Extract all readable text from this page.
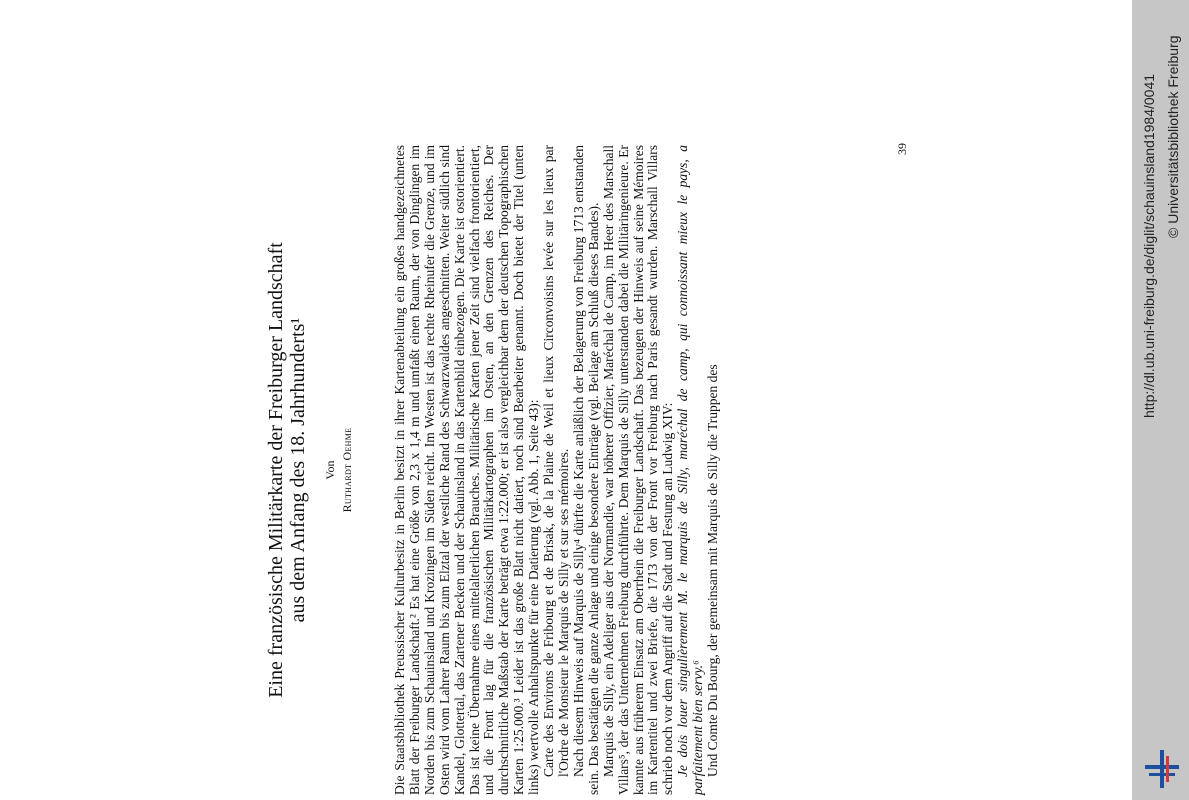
Eine französische Militärkarte der Freiburger Landschaft aus dem Anfang des 18. Jahrhunderts¹ Von Ruthardt Oehme	Die Staatsbibliothek Preussischer Kulturbesitz in Berlin besitzt in ihrer Kartenabteilung ein großes handgezeichnetes Blatt der Freiburger Landschaft.² Es hat eine Größe von 2,3 x 1,4 m und umfaßt einen Raum, der von Dinglingen im Norden bis zum Schauinsland und Krozingen im Süden reicht. Im Westen ist das rechte Rheinufer die Grenze, und im Osten wird vom Lahrer Raum bis zum Elztal der westliche Rand des Schwarzwaldes angeschnitten. Weiter südlich sind Kandel, Glottertal, das Zartener Becken und der Schauinsland in das Kartenbild einbezogen. Die Karte ist ostorientiert. Das ist keine Übernahme eines mittelalterlichen Brauches. Militärische Karten jener Zeit sind vielfach frontorientiert, und die Front lag für die französischen Militärkartographen im Osten, an den Grenzen des Reiches. Der durchschnittliche Maßstab der Karte beträgt etwa 1:22.000; er ist also vergleichbar dem der deutschen Topographischen Karten 1:25.000.³ Leider ist das große Blatt nicht datiert, noch sind Bearbeiter genannt. Doch bietet der Titel (unten links) wertvolle Anhaltspunkte für eine Datierung (vgl. Abb. 1, Seite 43): Carte des Environs de Fribourg et de Brisak, de la Plaine de Weil et lieux Circonvoisins levée sur les lieux par l'Ordre de Monsieur le Marquis de Silly et sur ses mémoires. Nach diesem Hinweis auf Marquis de Silly⁴ dürfte die Karte anläßlich der Belagerung von Freiburg 1713 entstanden sein. Das bestätigen die ganze Anlage und einige besondere Einträge (vgl. Beilage am Schluß dieses Bandes). Marquis de Silly, ein Adeliger aus der Normandie, war höherer Offizier, Maréchal de Camp, im Heer des Marschall Villars⁵, der das Unternehmen Freiburg durchführte. Dem Marquis de Silly unterstanden dabei die Militäringenieure. Er kannte aus früherem Einsatz am Oberrhein die Freiburger Landschaft. Das bezeugen der Hinweis auf seine Mémoires im Kartentitel und zwei Briefe, die 1713 von der Front vor Freiburg nach Paris gesandt wurden. Marschall Villars schrieb noch vor dem Angriff auf die Stadt und Festung an Ludwig XIV: Je dois louer singulièrement M. le marquis de Silly, maréchal de camp, qui connoissant mieux le pays, a parfaitement bien servy.⁶ Und Comte Du Bourg, der gemeinsam mit Marquis de Silly die Truppen des

39	http://dl.ub.uni-freiburg.de/diglit/schauinsland1984/0041 © Universitätsbibliothek Freiburg
